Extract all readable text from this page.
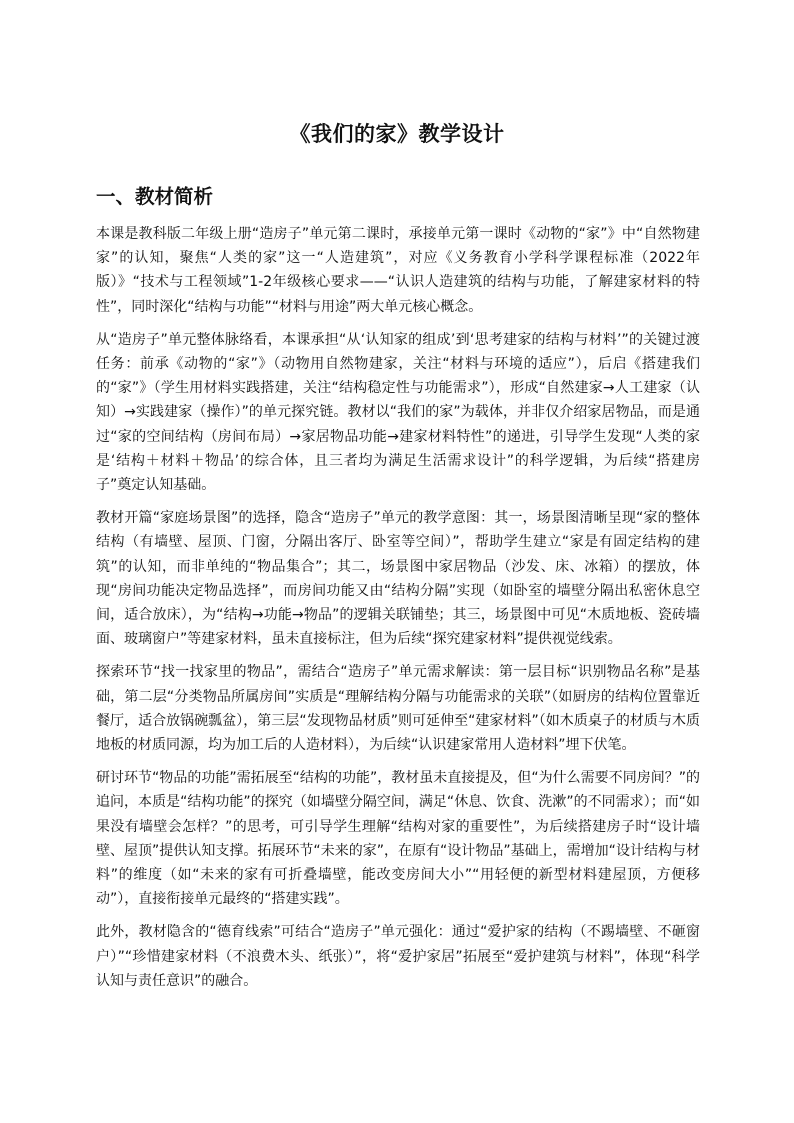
《我们的家》教学设计
一、教材简析

本课是教科版二年级上册“造房子”单元第二课时，承接单元第一课时《动物的“家”》中“自然物建家”的认知，聚焦“人类的家”这一“人造建筑”，对应《义务教育小学科学课程标准（2022年版）》“技术与工程领域”1-2年级核心要求——“认识人造建筑的结构与功能，了解建家材料的特性”，同时深化“结构与功能”“材料与用途”两大单元核心概念。

从“造房子”单元整体脉络看，本课承担“从‘认知家的组成’到‘思考建家的结构与材料’”的关键过渡任务：前承《动物的“家”》（动物用自然物建家，关注“材料与环境的适应”），后启《搭建我们的“家”》（学生用材料实践搭建，关注“结构稳定性与功能需求”），形成“自然建家→人工建家（认知）→实践建家（操作）”的单元探究链。教材以“我们的家”为载体，并非仅介绍家居物品，而是通过“家的空间结构（房间布局）→家居物品功能→建家材料特性”的递进，引导学生发现“人类的家是‘结构＋材料＋物品’的综合体，且三者均为满足生活需求设计”的科学逻辑，为后续“搭建房子”奠定认知基础。

教材开篇“家庭场景图”的选择，隐含“造房子”单元的教学意图：其一，场景图清晰呈现“家的整体结构（有墙壁、屋顶、门窗，分隔出客厅、卧室等空间）”，帮助学生建立“家是有固定结构的建筑”的认知，而非单纯的“物品集合”；其二，场景图中家居物品（沙发、床、冰箱）的摆放，体现“房间功能决定物品选择”，而房间功能又由“结构分隔”实现（如卧室的墙壁分隔出私密休息空间，适合放床），为“结构→功能→物品”的逻辑关联铺垫；其三，场景图中可见“木质地板、瓷砖墙面、玻璃窗户”等建家材料，虽未直接标注，但为后续“探究建家材料”提供视觉线索。

探索环节“找一找家里的物品”，需结合“造房子”单元需求解读：第一层目标“识别物品名称”是基础，第二层“分类物品所属房间”实质是“理解结构分隔与功能需求的关联”（如厨房的结构位置靠近餐厅，适合放锅碗瓢盆），第三层“发现物品材质”则可延伸至“建家材料”（如木质桌子的材质与木质地板的材质同源，均为加工后的人造材料），为后续“认识建家常用人造材料”埋下伏笔。

研讨环节“物品的功能”需拓展至“结构的功能”，教材虽未直接提及，但“为什么需要不同房间？”的追问，本质是“结构功能”的探究（如墙壁分隔空间，满足“休息、饮食、洗漱”的不同需求）；而“如果没有墙壁会怎样？”的思考，可引导学生理解“结构对家的重要性”，为后续搭建房子时“设计墙壁、屋顶”提供认知支撑。拓展环节“未来的家”，在原有“设计物品”基础上，需增加“设计结构与材料”的维度（如“未来的家有可折叠墙壁，能改变房间大小”“用轻便的新型材料建屋顶，方便移动”），直接衔接单元最终的“搭建实践”。

此外，教材隐含的“德育线索”可结合“造房子”单元强化：通过“爱护家的结构（不踢墙壁、不砸窗户）”“珍惜建家材料（不浪费木头、纸张）”，将“爱护家居”拓展至“爱护建筑与材料”，体现“科学认知与责任意识”的融合。
